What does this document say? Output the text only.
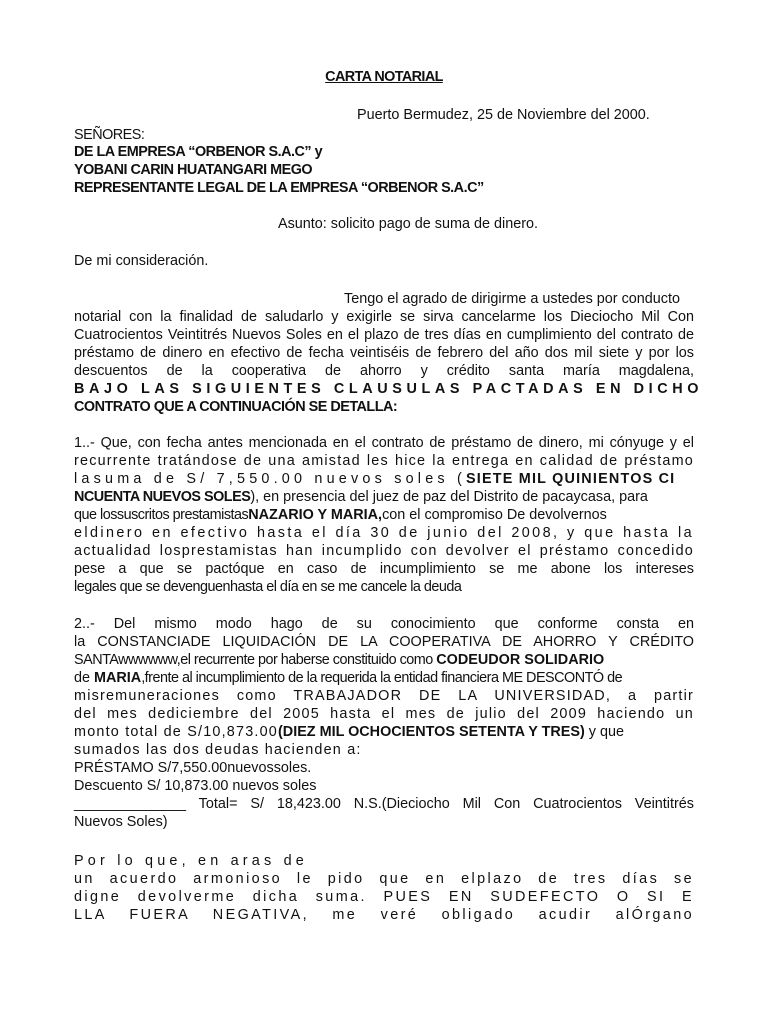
CARTA NOTARIAL
Puerto Bermudez, 25 de Noviembre del 2000.
SEÑORES:
DE LA EMPRESA “ORBENOR S.A.C” y
YOBANI CARIN HUATANGARI MEGO
REPRESENTANTE LEGAL DE LA EMPRESA “ORBENOR S.A.C”
Asunto: solicito pago de suma de dinero.
De mi consideración.
Tengo el agrado de dirigirme a ustedes por conducto
notarial con la finalidad de saludarlo y exigirle se sirva cancelarme los Dieciocho Mil Con
Cuatrocientos Veintitrés Nuevos Soles en el plazo de tres días en cumplimiento del contrato de
préstamo de dinero en efectivo de fecha veintiséis de febrero del año dos mil siete y por los
descuentos de la cooperativa de ahorro y crédito santa maría magdalena,
BAJO LAS SIGUIENTES CLAUSULAS PACTADAS EN DICHO
CONTRATO QUE A CONTINUACIÓN SE DETALLA:
1..- Que, con fecha antes mencionada en el contrato de préstamo de dinero, mi cónyuge y el
recurrente tratándose de una amistad les hice la entrega en calidad de préstamo
lasuma de S/ 7,550.00 nuevos soles (SIETE MIL QUINIENTOS CI
NCUENTA NUEVOS SOLES), en presencia del juez de paz del Distrito de pacaycasa, para
que lossuscritos prestamistasNAZARIO Y MARIA,con el compromiso De devolvernos
eldinero en efectivo hasta el día 30 de junio del 2008, y que hasta la
actualidad losprestamistas han incumplido con devolver el préstamo concedido
pese a que se pactóque en caso de incumplimiento se me abone los intereses
legales que se devenguenhasta el día en se me cancele la deuda
2..- Del mismo modo hago de su conocimiento que conforme consta en
la CONSTANCIADE LIQUIDACIÓN DE LA COOPERATIVA DE AHORRO Y CRÉDITO
SANTAwwwwww,el recurrente por haberse constituido como CODEUDOR SOLIDARIO
de MARIA,frente al incumplimiento de la requerida la entidad financiera ME DESCONTÓ de
misremuneraciones como TRABAJADOR DE LA UNIVERSIDAD, a partir
del mes dediciembre del 2005 hasta el mes de julio del 2009 haciendo un
monto total de S/10,873.00(DIEZ MIL OCHOCIENTOS SETENTA Y TRES) y que
sumados las dos deudas hacienden a:
PRÉSTAMO S/7,550.00nuevossoles.
Descuento S/ 10,873.00 nuevos soles
______________ Total= S/ 18,423.00 N.S.(Dieciocho Mil Con Cuatrocientos Veintitrés
Nuevos Soles)
Por lo que, en aras de
un acuerdo armonioso le pido que en elplazo de tres días se
digne devolverme dicha suma. PUES EN SUDEFECTO O SI E
LLA FUERA NEGATIVA, me veré obligado acudir alÓrgano
